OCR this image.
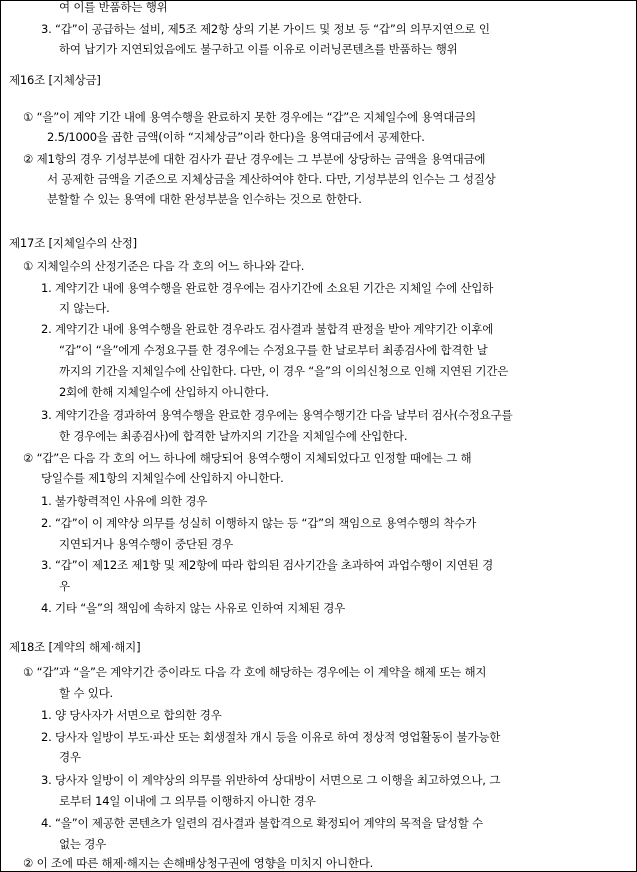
여 이를 반품하는 행위
3. “갑”이 공급하는 설비, 제5조 제2항 상의 기본 가이드 및 정보 등 “갑”의 의무지연으로 인
하여 납기가 지연되었음에도 불구하고 이를 이유로 이러닝콘텐츠를 반품하는 행위
제16조 [지체상금]
① “을”이 계약 기간 내에 용역수행을 완료하지 못한 경우에는 “갑”은 지체일수에 용역대금의
2.5/1000을 곱한 금액(이하 “지체상금”이라 한다)을 용역대금에서 공제한다.
② 제1항의 경우 기성부분에 대한 검사가 끝난 경우에는 그 부분에 상당하는 금액을 용역대금에
서 공제한 금액을 기준으로 지체상금을 계산하여야 한다. 다만, 기성부분의 인수는 그 성질상
분할할 수 있는 용역에 대한 완성부분을 인수하는 것으로 한한다.
제17조 [지체일수의 산정]
① 지체일수의 산정기준은 다음 각 호의 어느 하나와 같다.
1. 계약기간 내에 용역수행을 완료한 경우에는 검사기간에 소요된 기간은 지체일 수에 산입하
지 않는다.
2. 계약기간 내에 용역수행을 완료한 경우라도 검사결과 불합격 판정을 받아 계약기간 이후에
“갑”이 “을”에게 수정요구를 한 경우에는 수정요구를 한 날로부터 최종검사에 합격한 날
까지의 기간을 지체일수에 산입한다. 다만, 이 경우 “을”의 이의신청으로 인해 지연된 기간은
2회에 한해 지체일수에 산입하지 아니한다.
3. 계약기간을 경과하여 용역수행을 완료한 경우에는 용역수행기간 다음 날부터 검사(수정요구를
한 경우에는 최종검사)에 합격한 날까지의 기간을 지체일수에 산입한다.
② “갑”은 다음 각 호의 어느 하나에 해당되어 용역수행이 지체되었다고 인정할 때에는 그 해
당일수를 제1항의 지체일수에 산입하지 아니한다.
1. 불가항력적인 사유에 의한 경우
2. “갑”이 이 계약상 의무를 성실히 이행하지 않는 등 “갑”의 책임으로 용역수행의 착수가
지연되거나 용역수행이 중단된 경우
3. “갑”이 제12조 제1항 및 제2항에 따라 합의된 검사기간을 초과하여 과업수행이 지연된 경
우
4. 기타 “을”의 책임에 속하지 않는 사유로 인하여 지체된 경우
제18조 [계약의 해제·해지]
① “갑”과 “을”은 계약기간 중이라도 다음 각 호에 해당하는 경우에는 이 계약을 해제 또는 해지
할 수 있다.
1. 양 당사자가 서면으로 합의한 경우
2. 당사자 일방이 부도·파산 또는 회생절차 개시 등을 이유로 하여 정상적 영업활동이 불가능한
경우
3. 당사자 일방이 이 계약상의 의무를 위반하여 상대방이 서면으로 그 이행을 최고하였으나, 그
로부터 14일 이내에 그 의무를 이행하지 아니한 경우
4. “을”이 제공한 콘텐츠가 일련의 검사결과 불합격으로 확정되어 계약의 목적을 달성할 수
없는 경우
② 이 조에 따른 해제·해지는 손해배상청구권에 영향을 미치지 아니한다.
